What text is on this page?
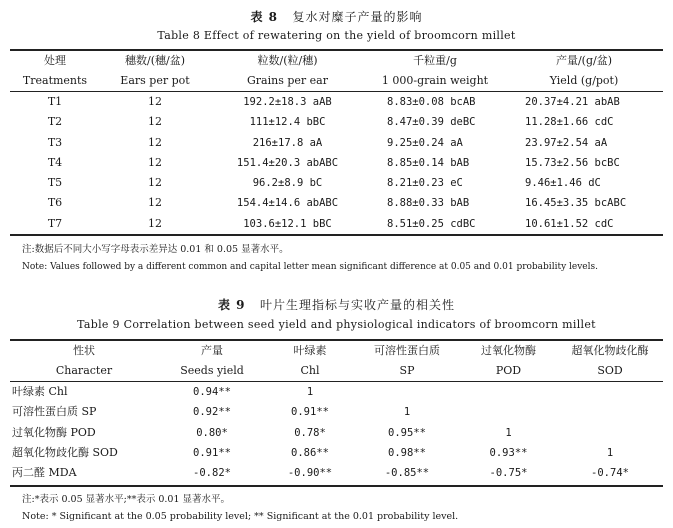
表 8 复水对糜子产量的影响
Table 8 Effect of rewatering on the yield of broomcorn millet
处理	穗数/(穗/盆)	粒数/(粒/穗)	千粒重/g	产量/(g/盆)
Treatments	Ears per pot	Grains per ear	1 000-grain weight	Yield (g/pot)
T1	12	192.2±18.3 aAB	8.83±0.08 bcAB	20.37±4.21 abAB
T2	12	111±12.4 bBC	8.47±0.39 deBC	11.28±1.66 cdC
T3	12	216±17.8 aA	9.25±0.24 aA	23.97±2.54 aA
T4	12	151.4±20.3 abABC	8.85±0.14 bAB	15.73±2.56 bcBC
T5	12	96.2±8.9 bC	8.21±0.23 eC	9.46±1.46 dC
T6	12	154.4±14.6 abABC	8.88±0.33 bAB	16.45±3.35 bcABC
T7	12	103.6±12.1 bBC	8.51±0.25 cdBC	10.61±1.52 cdC
注:数据后不同大小写字母表示差异达 0.01 和 0.05 显著水平。
Note: Values followed by a different common and capital letter mean significant difference at 0.05 and 0.01 probability levels.
表 9 叶片生理指标与实收产量的相关性
Table 9 Correlation between seed yield and physiological indicators of broomcorn millet
性状	产量	叶绿素	可溶性蛋白质	过氧化物酶	超氧化物歧化酶
Character	Seeds yield	Chl	SP	POD	SOD
叶绿素 Chl	0.94**	1			
可溶性蛋白质 SP	0.92**	0.91**	1		
过氧化物酶 POD	0.80*	0.78*	0.95**	1	
超氧化物歧化酶 SOD	0.91**	0.86**	0.98**	0.93**	1
丙二醛 MDA	-0.82*	-0.90**	-0.85**	-0.75*	-0.74*
注:*表示 0.05 显著水平;**表示 0.01 显著水平。
Note: * Significant at the 0.05 probability level; ** Significant at the 0.01 probability level.
